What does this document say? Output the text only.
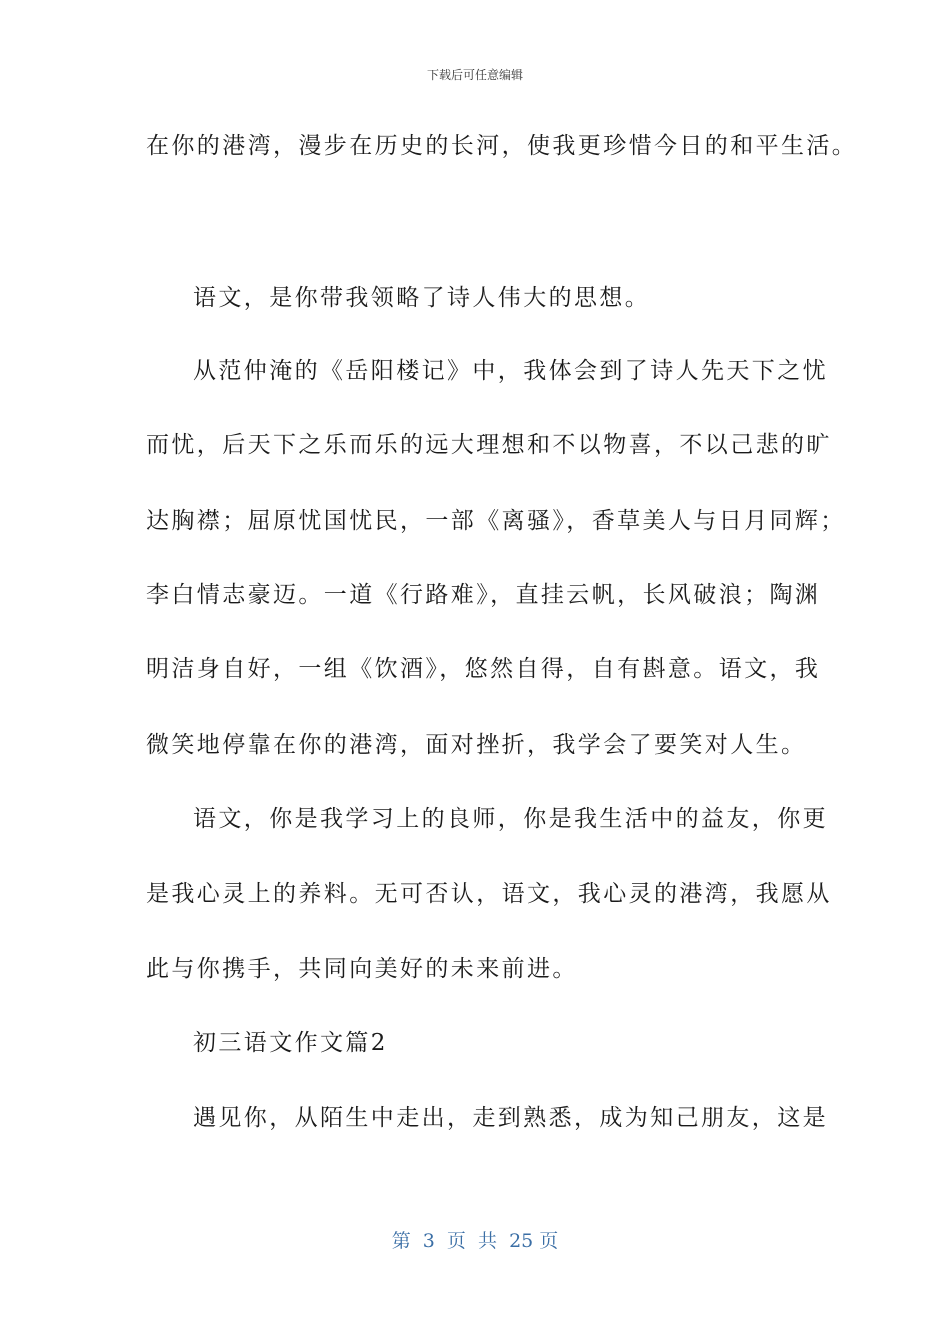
下载后可任意编辑
在你的港湾，漫步在历史的长河，使我更珍惜今日的和平生活。
语文，是你带我领略了诗人伟大的思想。
从范仲淹的《岳阳楼记》中，我体会到了诗人先天下之忧
而忧，后天下之乐而乐的远大理想和不以物喜，不以己悲的旷
达胸襟；屈原忧国忧民，一部《离骚》，香草美人与日月同辉；
李白情志豪迈。一道《行路难》，直挂云帆，长风破浪；陶渊
明洁身自好，一组《饮酒》，悠然自得，自有斟意。语文，我
微笑地停靠在你的港湾，面对挫折，我学会了要笑对人生。
语文，你是我学习上的良师，你是我生活中的益友，你更
是我心灵上的养料。无可否认，语文，我心灵的港湾，我愿从
此与你携手，共同向美好的未来前进。
初三语文作文篇2
遇见你，从陌生中走出，走到熟悉，成为知己朋友，这是
第  3  页  共  25 页
